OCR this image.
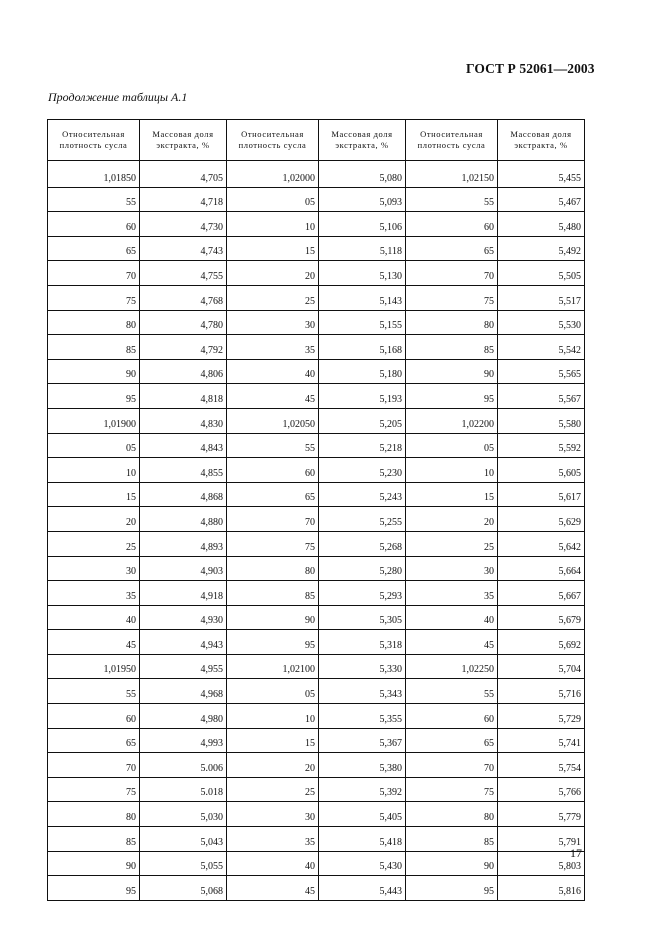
ГОСТ Р 52061—2003
Продолжение таблицы А.1
Относительная плотность сусла	Массовая доля экстракта, %	Относительная плотность сусла	Массовая доля экстракта, %	Относительная плотность сусла	Массовая доля экстракта, %
1,01850	4,705	1,02000	5,080	1,02150	5,455
55	4,718	05	5,093	55	5,467
60	4,730	10	5,106	60	5,480
65	4,743	15	5,118	65	5,492
70	4,755	20	5,130	70	5,505
75	4,768	25	5,143	75	5,517
80	4,780	30	5,155	80	5,530
85	4,792	35	5,168	85	5,542
90	4,806	40	5,180	90	5,565
95	4,818	45	5,193	95	5,567
1,01900	4,830	1,02050	5,205	1,02200	5,580
05	4,843	55	5,218	05	5,592
10	4,855	60	5,230	10	5,605
15	4,868	65	5,243	15	5,617
20	4,880	70	5,255	20	5,629
25	4,893	75	5,268	25	5,642
30	4,903	80	5,280	30	5,664
35	4,918	85	5,293	35	5,667
40	4,930	90	5,305	40	5,679
45	4,943	95	5,318	45	5,692
1,01950	4,955	1,02100	5,330	1,02250	5,704
55	4,968	05	5,343	55	5,716
60	4,980	10	5,355	60	5,729
65	4,993	15	5,367	65	5,741
70	5.006	20	5,380	70	5,754
75	5.018	25	5,392	75	5,766
80	5,030	30	5,405	80	5,779
85	5,043	35	5,418	85	5,791
90	5,055	40	5,430	90	5,803
95	5,068	45	5,443	95	5,816
17
